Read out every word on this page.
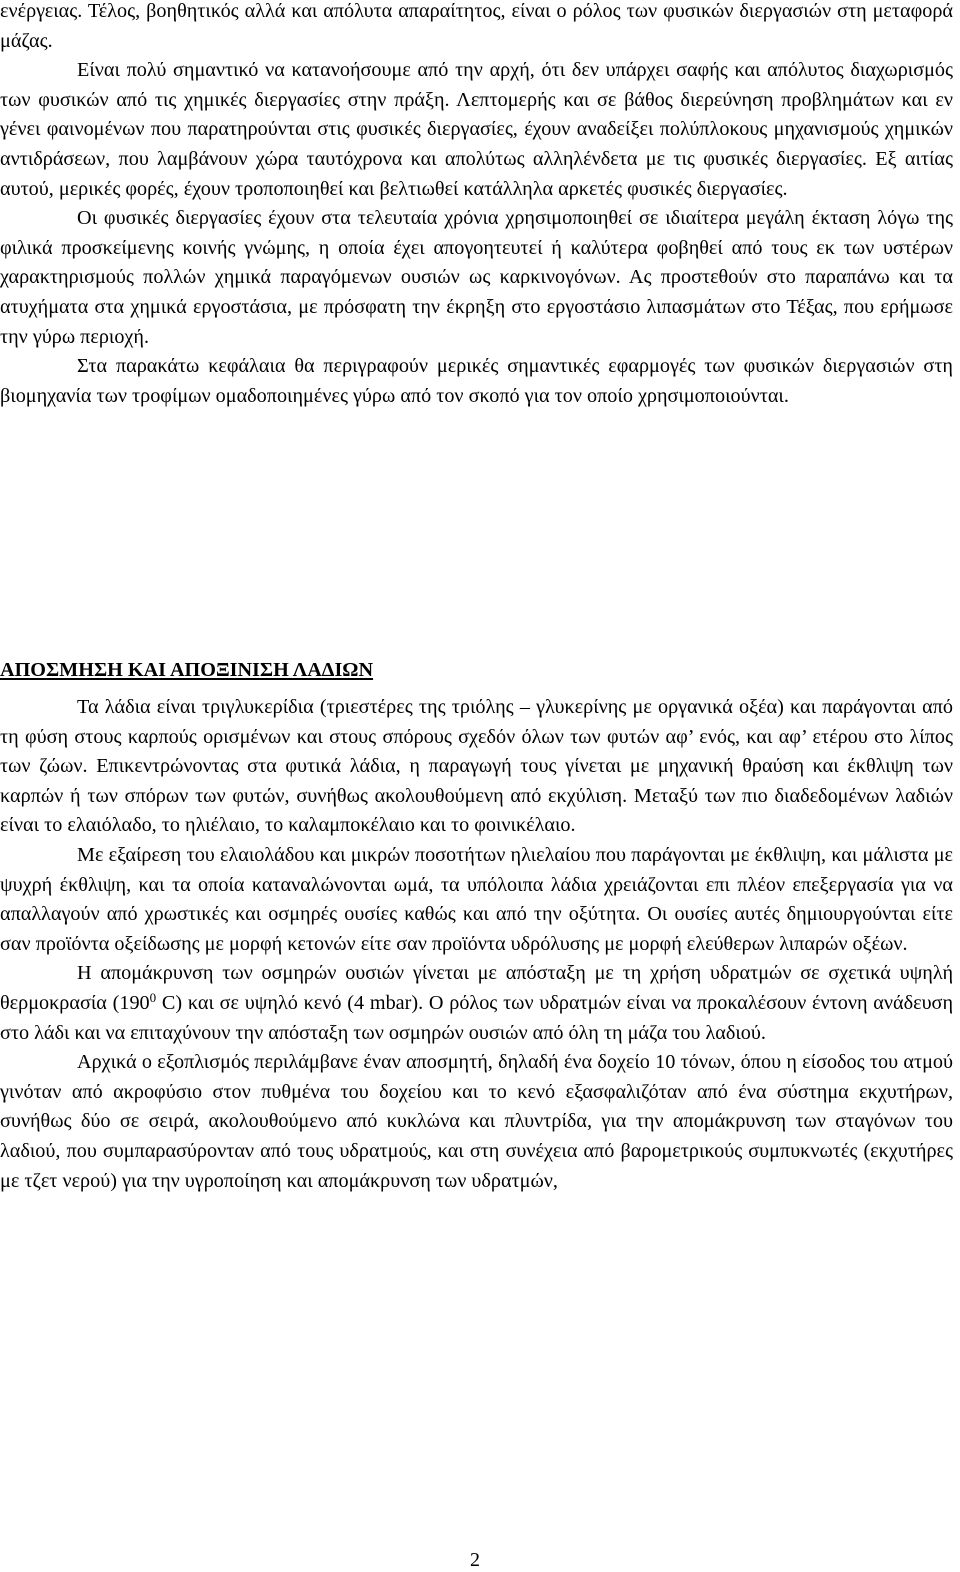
ενέργειας. Τέλος, βοηθητικός αλλά και απόλυτα απαραίτητος, είναι ο ρόλος των φυσικών διεργασιών στη μεταφορά μάζας.

Είναι πολύ σημαντικό να κατανοήσουμε από την αρχή, ότι δεν υπάρχει σαφής και απόλυτος διαχωρισμός των φυσικών από τις χημικές διεργασίες στην πράξη. Λεπτομερής και σε βάθος διερεύνηση προβλημάτων και εν γένει φαινομένων που παρατηρούνται στις φυσικές διεργασίες, έχουν αναδείξει πολύπλοκους μηχανισμούς χημικών αντιδράσεων, που λαμβάνουν χώρα ταυτόχρονα και απολύτως αλληλένδετα με τις φυσικές διεργασίες. Εξ αιτίας αυτού, μερικές φορές, έχουν τροποποιηθεί και βελτιωθεί κατάλληλα αρκετές φυσικές διεργασίες.

Οι φυσικές διεργασίες έχουν στα τελευταία χρόνια χρησιμοποιηθεί σε ιδιαίτερα μεγάλη έκταση λόγω της φιλικά προσκείμενης κοινής γνώμης, η οποία έχει απογοητευτεί ή καλύτερα φοβηθεί από τους εκ των υστέρων χαρακτηρισμούς πολλών χημικά παραγόμενων ουσιών ως καρκινογόνων. Ας προστεθούν στο παραπάνω και τα ατυχήματα στα χημικά εργοστάσια, με πρόσφατη την έκρηξη στο εργοστάσιο λιπασμάτων στο Τέξας, που ερήμωσε την γύρω περιοχή.

Στα παρακάτω κεφάλαια θα περιγραφούν μερικές σημαντικές εφαρμογές των φυσικών διεργασιών στη βιομηχανία των τροφίμων ομαδοποιημένες γύρω από τον σκοπό για τον οποίο χρησιμοποιούνται.

ΑΠΟΣΜΗΣΗ ΚΑΙ ΑΠΟΞΙΝΙΣΗ ΛΑΔΙΩΝ

Τα λάδια είναι τριγλυκερίδια (τριεστέρες της τριόλης – γλυκερίνης με οργανικά οξέα) και παράγονται από τη φύση στους καρπούς ορισμένων και στους σπόρους σχεδόν όλων των φυτών αφ’ ενός, και αφ’ ετέρου στο λίπος των ζώων. Επικεντρώνοντας στα φυτικά λάδια, η παραγωγή τους γίνεται με μηχανική θραύση και έκθλιψη των καρπών ή των σπόρων των φυτών, συνήθως ακολουθούμενη από εκχύλιση. Μεταξύ των πιο διαδεδομένων λαδιών είναι το ελαιόλαδο, το ηλιέλαιο, το καλαμποκέλαιο και το φοινικέλαιο.

Με εξαίρεση του ελαιολάδου και μικρών ποσοτήτων ηλιελαίου που παράγονται με έκθλιψη, και μάλιστα με ψυχρή έκθλιψη, και τα οποία καταναλώνονται ωμά, τα υπόλοιπα λάδια χρειάζονται επι πλέον επεξεργασία για να απαλλαγούν από χρωστικές και οσμηρές ουσίες καθώς και από την οξύτητα. Οι ουσίες αυτές δημιουργούνται είτε σαν προϊόντα οξείδωσης με μορφή κετονών είτε σαν προϊόντα υδρόλυσης με μορφή ελεύθερων λιπαρών οξέων.

Η απομάκρυνση των οσμηρών ουσιών γίνεται με απόσταξη με τη χρήση υδρατμών σε σχετικά υψηλή θερμοκρασία ($190^0$ C) και σε υψηλό κενό (4 mbar). Ο ρόλος των υδρατμών είναι να προκαλέσουν έντονη ανάδευση στο λάδι και να επιταχύνουν την απόσταξη των οσμηρών ουσιών από όλη τη μάζα του λαδιού.

Αρχικά ο εξοπλισμός περιλάμβανε έναν αποσμητή, δηλαδή ένα δοχείο 10 τόνων, όπου η είσοδος του ατμού γινόταν από ακροφύσιο στον πυθμένα του δοχείου και το κενό εξασφαλιζόταν από ένα σύστημα εκχυτήρων, συνήθως δύο σε σειρά, ακολουθούμενο από κυκλώνα και πλυντρίδα, για την απομάκρυνση των σταγόνων του λαδιού, που συμπαρασύρονταν από τους υδρατμούς, και στη συνέχεια από βαρομετρικούς συμπυκνωτές (εκχυτήρες με τζετ νερού) για την υγροποίηση και απομάκρυνση των υδρατμών,

2
